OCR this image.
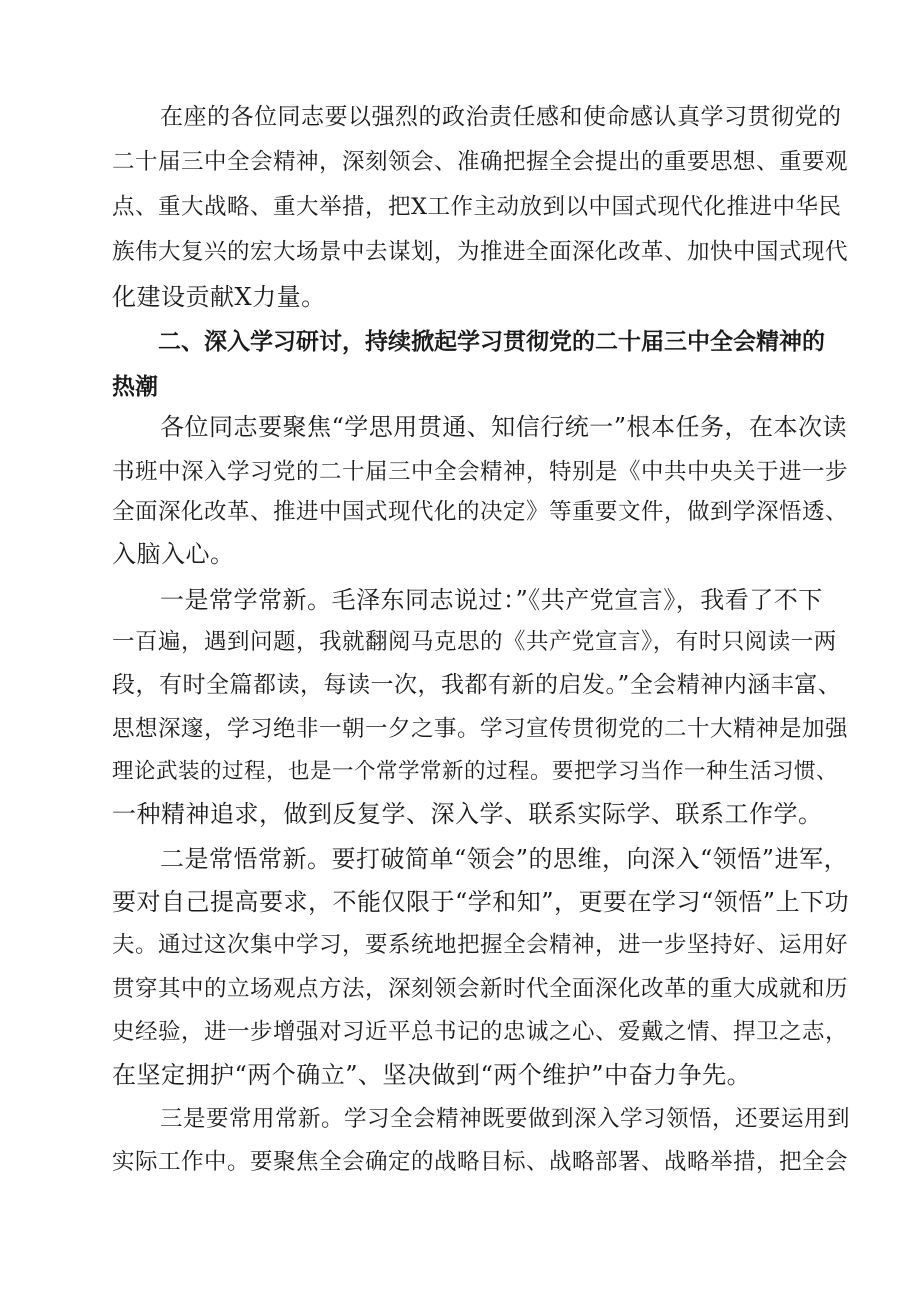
在座的各位同志要以强烈的政治责任感和使命感认真学习贯彻党的
二十届三中全会精神，深刻领会、准确把握全会提出的重要思想、重要观
点、重大战略、重大举措，把X工作主动放到以中国式现代化推进中华民
族伟大复兴的宏大场景中去谋划，为推进全面深化改革、加快中国式现代
化建设贡献X力量。
二、深入学习研讨，持续掀起学习贯彻党的二十届三中全会精神的
热潮
各位同志要聚焦“学思用贯通、知信行统一”根本任务，在本次读
书班中深入学习党的二十届三中全会精神，特别是《中共中央关于进一步
全面深化改革、推进中国式现代化的决定》等重要文件，做到学深悟透、
入脑入心。
一是常学常新。毛泽东同志说过：”《共产党宣言》，我看了不下
一百遍，遇到问题，我就翻阅马克思的《共产党宣言》，有时只阅读一两
段，有时全篇都读，每读一次，我都有新的启发。”全会精神内涵丰富、
思想深邃，学习绝非一朝一夕之事。学习宣传贯彻党的二十大精神是加强
理论武装的过程，也是一个常学常新的过程。要把学习当作一种生活习惯、
一种精神追求，做到反复学、深入学、联系实际学、联系工作学。
二是常悟常新。要打破简单“领会”的思维，向深入“领悟”进军，
要对自己提高要求，不能仅限于“学和知”，更要在学习“领悟”上下功
夫。通过这次集中学习，要系统地把握全会精神，进一步坚持好、运用好
贯穿其中的立场观点方法，深刻领会新时代全面深化改革的重大成就和历
史经验，进一步增强对习近平总书记的忠诚之心、爱戴之情、捍卫之志，
在坚定拥护“两个确立”、坚决做到“两个维护”中奋力争先。
三是要常用常新。学习全会精神既要做到深入学习领悟，还要运用到
实际工作中。要聚焦全会确定的战略目标、战略部署、战略举措，把全会
